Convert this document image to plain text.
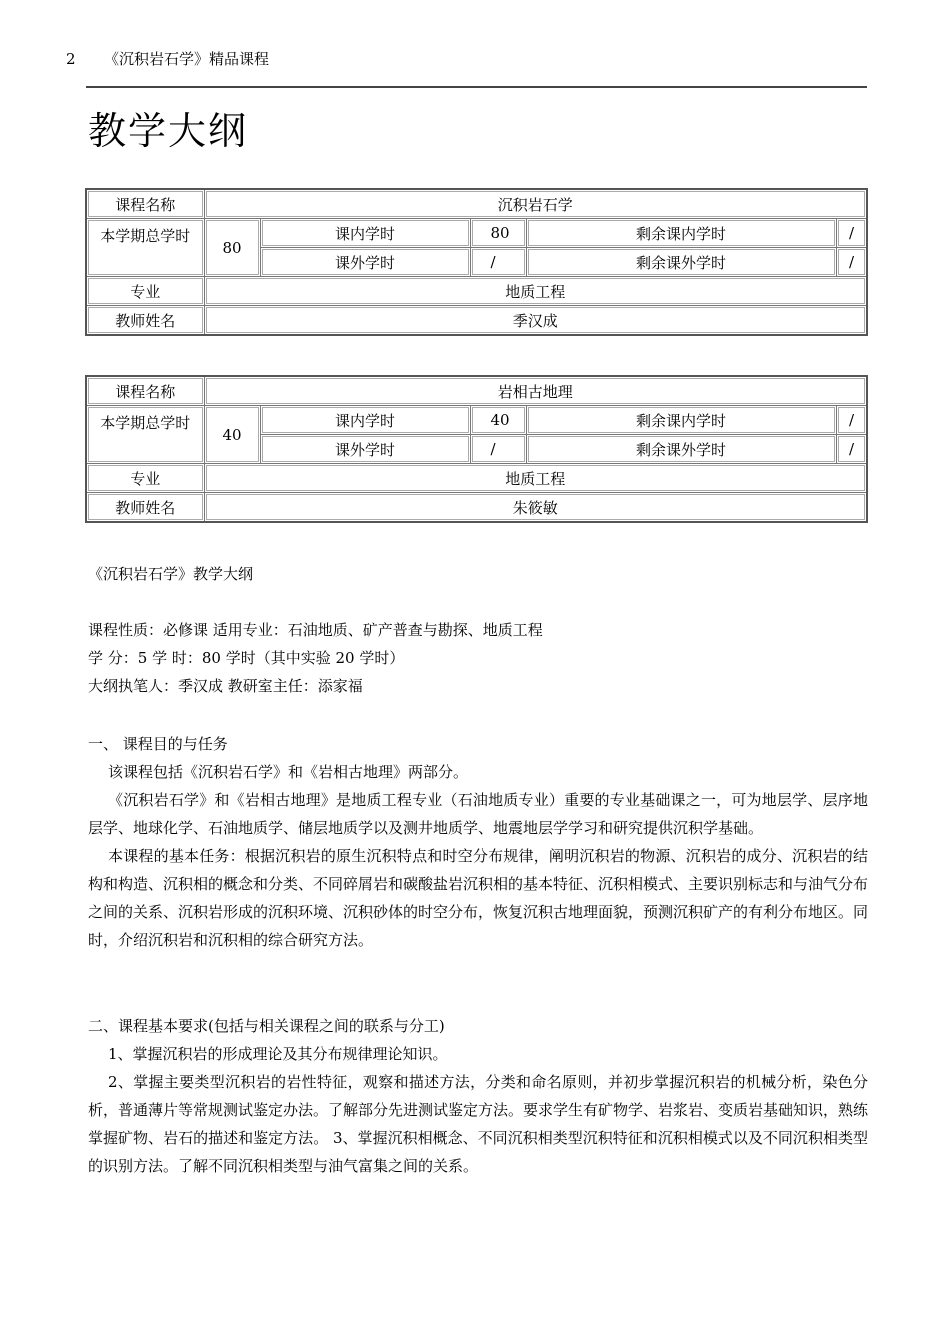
2 《沉积岩石学》精品课程
教学大纲
课程名称	沉积岩石学				
本学期总学时	80	课内学时	80	剩余课内学时	/
		课外学时	/	剩余课外学时	/
专业	地质工程				
教师姓名	季汉成				
课程名称	岩相古地理				
本学期总学时	40	课内学时	40	剩余课内学时	/
		课外学时	/	剩余课外学时	/
专业	地质工程				
教师姓名	朱筱敏				
《沉积岩石学》教学大纲

课程性质：必修课 适用专业：石油地质、矿产普查与勘探、地质工程

学 分：5 学 时：80 学时（其中实验 20 学时）

大纲执笔人：季汉成 教研室主任：添家福

一、 课程目的与任务

该课程包括《沉积岩石学》和《岩相古地理》两部分。

《沉积岩石学》和《岩相古地理》是地质工程专业（石油地质专业）重要的专业基础课之一，可为地层学、层序地层学、地球化学、石油地质学、储层地质学以及测井地质学、地震地层学学习和研究提供沉积学基础。

本课程的基本任务：根据沉积岩的原生沉积特点和时空分布规律，阐明沉积岩的物源、沉积岩的成分、沉积岩的结构和构造、沉积相的概念和分类、不同碎屑岩和碳酸盐岩沉积相的基本特征、沉积相模式、主要识别标志和与油气分布之间的关系、沉积岩形成的沉积环境、沉积砂体的时空分布，恢复沉积古地理面貌，预测沉积矿产的有利分布地区。同时，介绍沉积岩和沉积相的综合研究方法。

二、课程基本要求(包括与相关课程之间的联系与分工)

1、掌握沉积岩的形成理论及其分布规律理论知识。

2、掌握主要类型沉积岩的岩性特征，观察和描述方法，分类和命名原则，并初步掌握沉积岩的机械分析，染色分析，普通薄片等常规测试鉴定办法。了解部分先进测试鉴定方法。要求学生有矿物学、岩浆岩、变质岩基础知识，熟练掌握矿物、岩石的描述和鉴定方法。 3、掌握沉积相概念、不同沉积相类型沉积特征和沉积相模式以及不同沉积相类型的识别方法。了解不同沉积相类型与油气富集之间的关系。
